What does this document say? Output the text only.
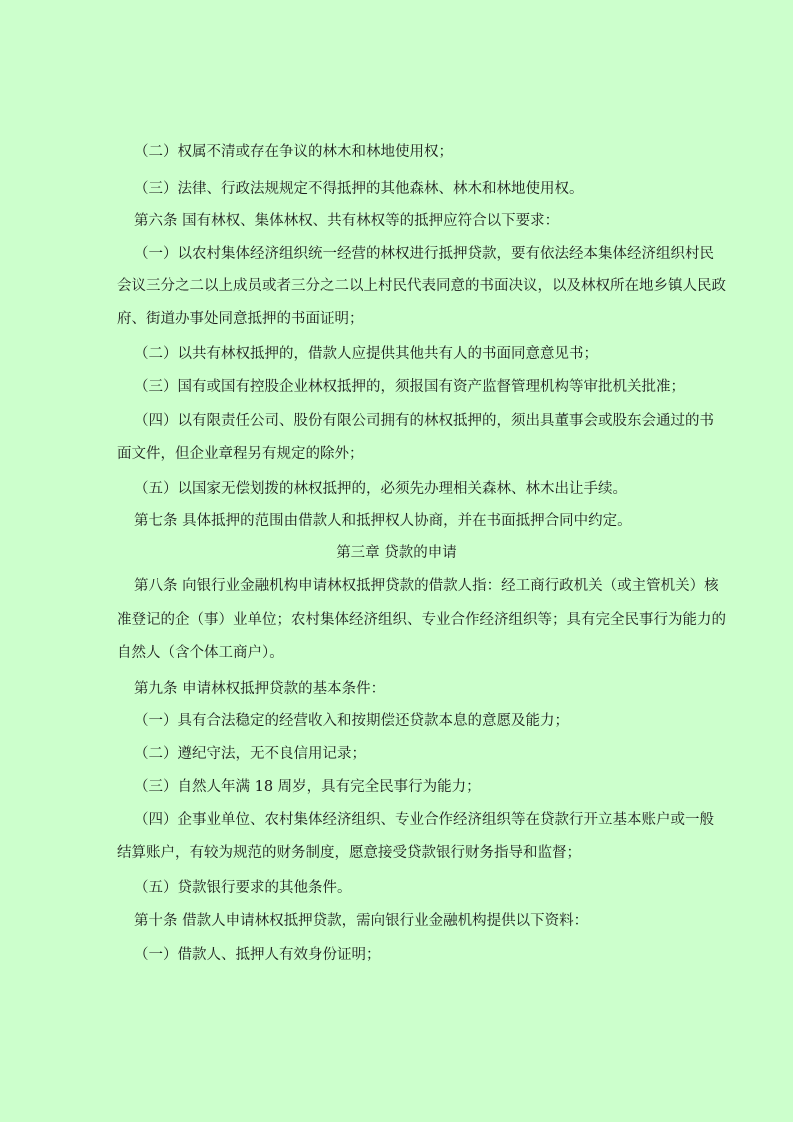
（二）权属不清或存在争议的林木和林地使用权；
（三）法律、行政法规规定不得抵押的其他森林、林木和林地使用权。
第六条 国有林权、集体林权、共有林权等的抵押应符合以下要求：
（一）以农村集体经济组织统一经营的林权进行抵押贷款，要有依法经本集体经济组织村民
会议三分之二以上成员或者三分之二以上村民代表同意的书面决议，以及林权所在地乡镇人民政
府、街道办事处同意抵押的书面证明；
（二）以共有林权抵押的，借款人应提供其他共有人的书面同意意见书；
（三）国有或国有控股企业林权抵押的，须报国有资产监督管理机构等审批机关批准；
（四）以有限责任公司、股份有限公司拥有的林权抵押的，须出具董事会或股东会通过的书
面文件，但企业章程另有规定的除外；
（五）以国家无偿划拨的林权抵押的，必须先办理相关森林、林木出让手续。
第七条 具体抵押的范围由借款人和抵押权人协商，并在书面抵押合同中约定。
第三章 贷款的申请
第八条 向银行业金融机构申请林权抵押贷款的借款人指：经工商行政机关（或主管机关）核
准登记的企（事）业单位；农村集体经济组织、专业合作经济组织等；具有完全民事行为能力的
自然人（含个体工商户）。
第九条 申请林权抵押贷款的基本条件：
（一）具有合法稳定的经营收入和按期偿还贷款本息的意愿及能力；
（二）遵纪守法，无不良信用记录；
（三）自然人年满 18 周岁，具有完全民事行为能力；
（四）企事业单位、农村集体经济组织、专业合作经济组织等在贷款行开立基本账户或一般
结算账户，有较为规范的财务制度，愿意接受贷款银行财务指导和监督；
（五）贷款银行要求的其他条件。
第十条 借款人申请林权抵押贷款，需向银行业金融机构提供以下资料：
（一）借款人、抵押人有效身份证明；
